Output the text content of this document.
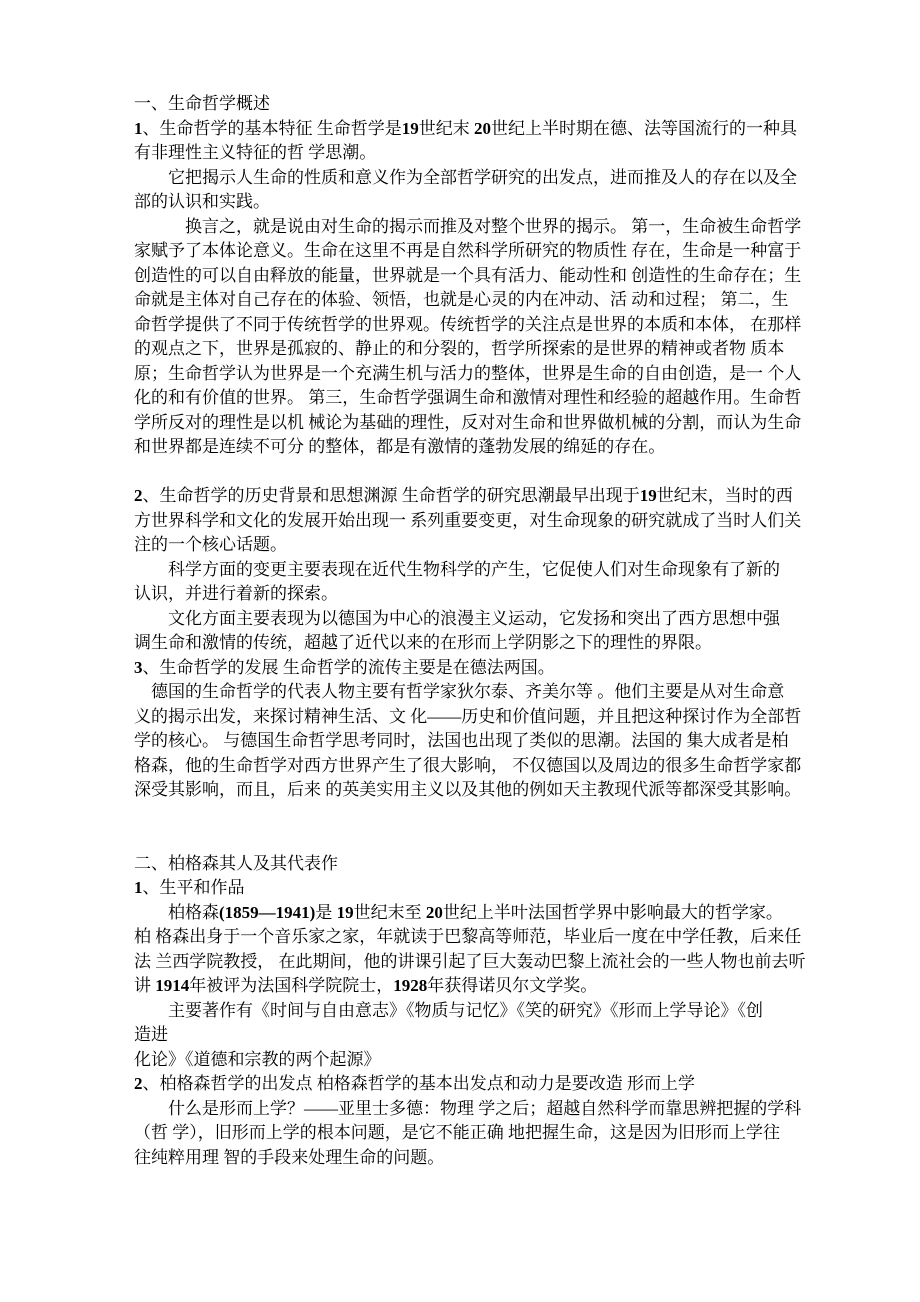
一、生命哲学概述
1、生命哲学的基本特征 生命哲学是19世纪末 20世纪上半时期在德、法等国流行的一种具
有非理性主义特征的哲 学思潮。
　　它把揭示人生命的性质和意义作为全部哲学研究的出发点，进而推及人的存在以及全
部的认识和实践。
　　　换言之，就是说由对生命的揭示而推及对整个世界的揭示。 第一，生命被生命哲学
家赋予了本体论意义。生命在这里不再是自然科学所研究的物质性 存在，生命是一种富于
创造性的可以自由释放的能量，世界就是一个具有活力、能动性和 创造性的生命存在；生
命就是主体对自己存在的体验、领悟，也就是心灵的内在冲动、活 动和过程； 第二，生
命哲学提供了不同于传统哲学的世界观。传统哲学的关注点是世界的本质和本体， 在那样
的观点之下，世界是孤寂的、静止的和分裂的，哲学所探索的是世界的精神或者物 质本
原；生命哲学认为世界是一个充满生机与活力的整体，世界是生命的自由创造，是一 个人
化的和有价值的世界。 第三，生命哲学强调生命和激情对理性和经验的超越作用。生命哲
学所反对的理性是以机 械论为基础的理性，反对对生命和世界做机械的分割，而认为生命
和世界都是连续不可分 的整体，都是有激情的蓬勃发展的绵延的存在。

2、生命哲学的历史背景和思想渊源 生命哲学的研究思潮最早出现于19世纪末，当时的西
方世界科学和文化的发展开始出现一 系列重要变更，对生命现象的研究就成了当时人们关
注的一个核心话题。
　　科学方面的变更主要表现在近代生物科学的产生，它促使人们对生命现象有了新的
认识，并进行着新的探索。
　　文化方面主要表现为以德国为中心的浪漫主义运动，它发扬和突出了西方思想中强
调生命和激情的传统，超越了近代以来的在形而上学阴影之下的理性的界限。
3、生命哲学的发展 生命哲学的流传主要是在德法两国。
　德国的生命哲学的代表人物主要有哲学家狄尔泰、齐美尔等 。他们主要是从对生命意
义的揭示出发，来探讨精神生活、文 化——历史和价值问题，并且把这种探讨作为全部哲
学的核心。 与德国生命哲学思考同时，法国也出现了类似的思潮。法国的 集大成者是柏
格森，他的生命哲学对西方世界产生了很大影响， 不仅德国以及周边的很多生命哲学家都
深受其影响，而且，后来 的英美实用主义以及其他的例如天主教现代派等都深受其影响。

二、柏格森其人及其代表作
1、生平和作品
　　柏格森(1859—1941)是 19世纪末至 20世纪上半叶法国哲学界中影响最大的哲学家。
柏 格森出身于一个音乐家之家，年就读于巴黎高等师范，毕业后一度在中学任教，后来任
法 兰西学院教授， 在此期间，他的讲课引起了巨大轰动巴黎上流社会的一些人物也前去听
讲 1914年被评为法国科学院院士，1928年获得诺贝尔文学奖。
　　主要著作有《时间与自由意志》《物质与记忆》《笑的研究》《形而上学导论》《创
造进
化论》《道德和宗教的两个起源》
2、柏格森哲学的出发点 柏格森哲学的基本出发点和动力是要改造 形而上学
　　什么是形而上学？——亚里士多德：物理 学之后；超越自然科学而靠思辨把握的学科
（哲 学），旧形而上学的根本问题，是它不能正确 地把握生命，这是因为旧形而上学往
往纯粹用理 智的手段来处理生命的问题。
